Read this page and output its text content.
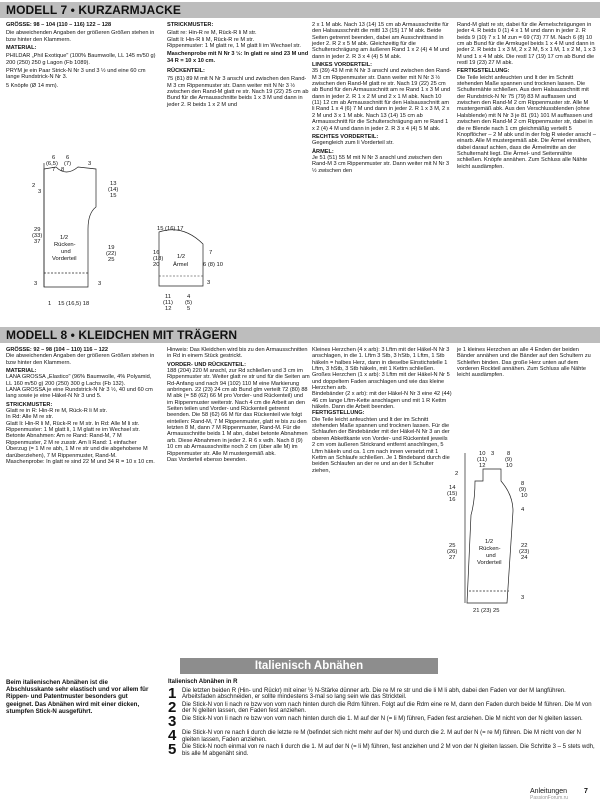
MODELL 7 • KURZARMJACKE

GRÖSSE: 98 – 104 (110 – 116) 122 – 128

Die abweichenden Angaben der größeren Größen stehen in bzw hinter den Klammern.

MATERIAL:

PHILDAR „Phil Exotique" (100% Baumwolle, LL 145 m/50 g) 200 (250) 250 g Lagon (Fb 1089).

PRYM je ein Paar Strick-N Nr 3 und 3 ½ und eine 60 cm lange Rundstrick-N Nr 3.

5 Knöpfe (Ø 14 mm).

STRICKMUSTER:

Glatt re: Hin-R re M, Rück-R li M str.

Glatt li: Hin-R li M, Rück-R re M str.

Rippenmuster: 1 M glatt re, 1 M glatt li im Wechsel str.

Maschenprobe mit N Nr 3 ½: In glatt re sind 23 M und 34 R = 10 x 10 cm.

RÜCKENTEIL:

75 (81) 89 M mit N Nr 3 anschl und zwischen den Rand-M 3 cm Rippenmuster str. Dann weiter mit N Nr 3 ½ zwischen den Rand-M glatt re str. Nach 19 (22) 25 cm ab Bund für die Armausschnitte beids 1 x 3 M und dann in jeder 2. R beids 1 x 2 M und

2 x 1 M abk. Nach 13 (14) 15 cm ab Armausschnitte für den Halsausschnitt die mittl 13 (15) 17 M abk. Beide Seiten getrennt beenden, dabei am Ausschnittrand in jeder 2. R 2 x 5 M abk. Gleichzeitig für die Schulterschrägung am äußeren Rand 1 x 2 (4) 4 M und dann in jeder 2. R 3 x 4 (4) 5 M abk.

LINKES VORDERTEIL:

35 (39) 43 M mit N Nr 3 anschl und zwischen den Rand-M 3 cm Rippenmuster str. Dann weiter mit N Nr 3 ½ zwischen den Rand-M glatt re str. Nach 19 (22) 25 cm ab Bund für den Armausschnitt am re Rand 1 x 3 M und dann in jeder 2. R 1 x 2 M und 2 x 1 M abk. Nach 10 (11) 12 cm ab Armausschnitt für den Halsausschnitt am li Rand 1 x 4 (6) 7 M und dann in jeder 2. R 1 x 3 M, 2 x 2 M und 3 x 1 M abk. Nach 13 (14) 15 cm ab Armausschnitt für die Schulterschrägung am re Rand 1 x 2 (4) 4 M und dann in jeder 2. R 3 x 4 (4) 5 M abk.

RECHTES VORDERTEIL:

Gegengleich zum li Vorderteil str.

ÄRMEL:

Je 51 (51) 55 M mit N Nr 3 anschl und zwischen den Rand-M 3 cm Rippenmuster str. Dann weiter mit N Nr 3 ½ zwischen den

Rand-M glatt re str, dabei für die Ärmelschrägungen in jeder 4. R beids 0 (1) 4 x 1 M und dann in jeder 2. R beids 9 (10) 7 x 1 M zun = 69 (73) 77 M. Nach 6 (8) 10 cm ab Bund für die Armkugel beids 1 x 4 M und dann in jeder 2. R beids 1 x 3 M, 2 x 2 M, 5 x 1 M, 1 x 2 M, 1 x 3 M und 1 x 4 M abk. Die restl 17 (19) 17 cm ab Bund die restl 19 (23) 27 M abk.

FERTIGSTELLUNG:

Die Teile leicht anfeuchten und lt der im Schnitt stehenden Maße spannen und trocknen lassen. Die Schulternähte schließen. Aus dem Halsausschnitt mit der Rundstrick-N Nr 75 (79) 83 M auffassen und zwischen den Rand-M 2 cm Rippenmuster str. Alle M mustergemäß abk. Aus den Verschlussblenden (ohne Halsblende) mit N Nr 3 je 81 (91) 101 M auffassen und zwischen den Rand-M 2 cm Rippenmuster str, dabei in die re Blende nach 1 cm gleichmäßig verteilt 5 Knopflöcher – 2 M abk und in der folg R wieder anschl – einarb. Alle M mustergemäß abk. Die Ärmel einnähen, dabei darauf achten, dass die Ärmelmitte an der Schulternaht liegt. Die Ärmel- und Seitennähte schließen. Knöpfe annähen. Zum Schluss alle Nähte leicht ausdämpfen.

6
(6,5)
7
6
(7)	3
8
2
3
13
(14)
15
29
(33)
37
1/2
Rücken-
und
Vorderteil
19
(22)
25
3	3
15 (16,5) 18
1
15 (16) 17
16
(18)
20
1/2
Ärmel
7
6 (8) 10
3
11
(11)
12
4
(5)
5
MODELL 8 • KLEIDCHEN MIT TRÄGERN

GRÖSSE: 92 – 98 (104 – 110) 116 – 122

Die abweichenden Angaben der größeren Größen stehen in bzw hinter den Klammern.

MATERIAL:

LANA GROSSA „Elastico" (96% Baumwolle, 4% Polyamid, LL 160 m/50 g) 200 (250) 300 g Lachs (Fb 132).

LANA GROSSA je eine Rundstrick-N Nr 3 ½, 40 und 60 cm lang sowie je eine Häkel-N Nr 3 und 5.

STRICKMUSTER:

Glatt re in R: Hin-R re M, Rück-R li M str.

In Rd: Alle M re str.

Glatt li: Hin-R li M, Rück-R re M str. In Rd: Alle M li str.

Rippenmuster: 1 M glatt li, 1 M glatt re im Wechsel str.

Betonte Abnahmen: Am re Rand: Rand-M, 7 M Rippenmuster, 2 M re zusstr. Am li Rand: 1 einfacher Überzug (= 1 M re abh, 1 M re str und die abgehobene M darüberziehen), 7 M Rippenmuster, Rand-M.

Maschenprobe: In glatt re sind 22 M und 34 R = 10 x 10 cm.

Hinweis: Das Kleidchen wird bis zu den Armausschnitten in Rd in einem Stück gestrickt.

VORDER- UND RÜCKENTEIL:

188 (204) 220 M anschl, zur Rd schließen und 3 cm im Rippenmuster str. Weiter glatt re str und für die Seiten am Rd-Anfang und nach 94 (102) 110 M eine Markierung anbringen. 22 (23) 24 cm ab Bund glm verteilt 72 (80) 88 M abk (= 58 (62) 66 M pro Vorder- und Rückenteil) und im Rippenmuster weiterstr. Nach 4 cm die Arbeit an den Seiten teilen und Vorder- und Rückenteil getrennt beenden. Die 58 (62) 66 M für das Rückenteil wie folgt einteilen: Rand-M, 7 M Rippenmuster, glatt re bis zu den letzten 8 M, dann 7 M Rippenmuster, Rand-M. Für die Armausschnitte beids 1 M abn, dabei betonte Abnahmen arb. Diese Abnahmen in jeder 2. R 6 x wdh. Nach 8 (9) 10 cm ab Armausschnitte noch 2 cm (über alle M) im Rippenmuster str. Alle M mustergemäß abk.

Das Vorderteil ebenso beenden.

Kleines Herzchen (4 x arb): 3 Lftm mit der Häkel-N Nr 3 anschlagen, in die 1. Lftm 3 Stb, 3 hStb, 1 Lftm, 1 Stb häkeln = halbes Herz, dann in dieselbe Einstichstelle 1 Lftm, 3 hStb, 3 Stb häkeln, mit 1 Kettm schließen.

Großes Herzchen (1 x arb): 3 Lftm mit der Häkel-N Nr 5 und doppeltem Faden anschlagen und wie das kleine Herzchen arb.

Bindebänder (2 x arb): mit der Häkel-N Nr 3 eine 42 (44) 46 cm lange Lftm-Kette anschlagen und mit 1 R Kettm häkeln. Dann die Arbeit beenden.

FERTIGSTELLUNG:

Die Teile leicht anfeuchten und lt der im Schnitt stehenden Maße spannen und trocknen lassen. Für die Schlaufen der Bindebänder mit der Häkel-N Nr 3 an der oberen Abkettkante von Vorder- und Rückenteil jeweils 2 cm vom äußeren Strickrand entfernt anschlingen, 5 Lftm häkeln und ca. 1 cm nach innen versetzt mit 1 Kettm an Schlaufe schließen. Je 1 Bindeband durch die beiden Schlaufen an der re und an der li Schulter ziehen,

je 1 kleines Herzchen an alle 4 Enden der beiden Bänder annähen und die Bänder auf den Schultern zu Schleifen binden. Das große Herz unten auf dem vorderen Rockteil annähen. Zum Schluss alle Nähte leicht ausdämpfen.

10
(11)
12
3 8
(9)
10
2
14
(15)
16
8
(9)
10
4
25
(26)
27
1/2
Rücken-
und
Vorderteil
22
(23)
24
3
21 (23) 25
Italienisch Abnähen
Beim italienischen Abnähen ist die Abschlusskante sehr elastisch und vor allem für Rippen- und Patentmuster besonders gut geeignet. Das Abnähen wird mit einer dicken, stumpfen Stick-N ausgeführt.
Italienisch Abnähen in R
1 Die letzten beiden R (Hin- und Rückr) mit einer ½ N-Stärke dünner arb. Die re M re str und die li M li abh, dabei den Faden vor der M langführen. Arbeitsfaden abschneiden, er sollte mindestens 3-mal so lang sein wie das Strickteil.
2 Die Stick-N von li nach re bzw von vorn nach hinten durch die Rdm führen. Folgt auf die Rdm eine re M, dann den Faden durch beide M führen. Die M von der N gleiten lassen, den Faden fest anziehen.
3 Die Stick-N von li nach re bzw von vorn nach hinten durch die 1. M auf der N (= li M) führen, Faden fest anziehen. Die M nicht von der N gleiten lassen.
4 Die Stick-N von re nach li durch die letzte re M (befindet sich nicht mehr auf der N) und durch die 2. M auf der N (= re M) führen. Die M nicht von der N gleiten lassen, Faden anziehen.
5 Die Stick-N noch einmal von re nach li durch die 1. M auf der N (= li M) führen, fest anziehen und 2 M von der N gleiten lassen. Die Schritte 3 – 5 stets wdh, bis alle M abgenäht sind.
Anleitungen 7
PassionForum.ru
